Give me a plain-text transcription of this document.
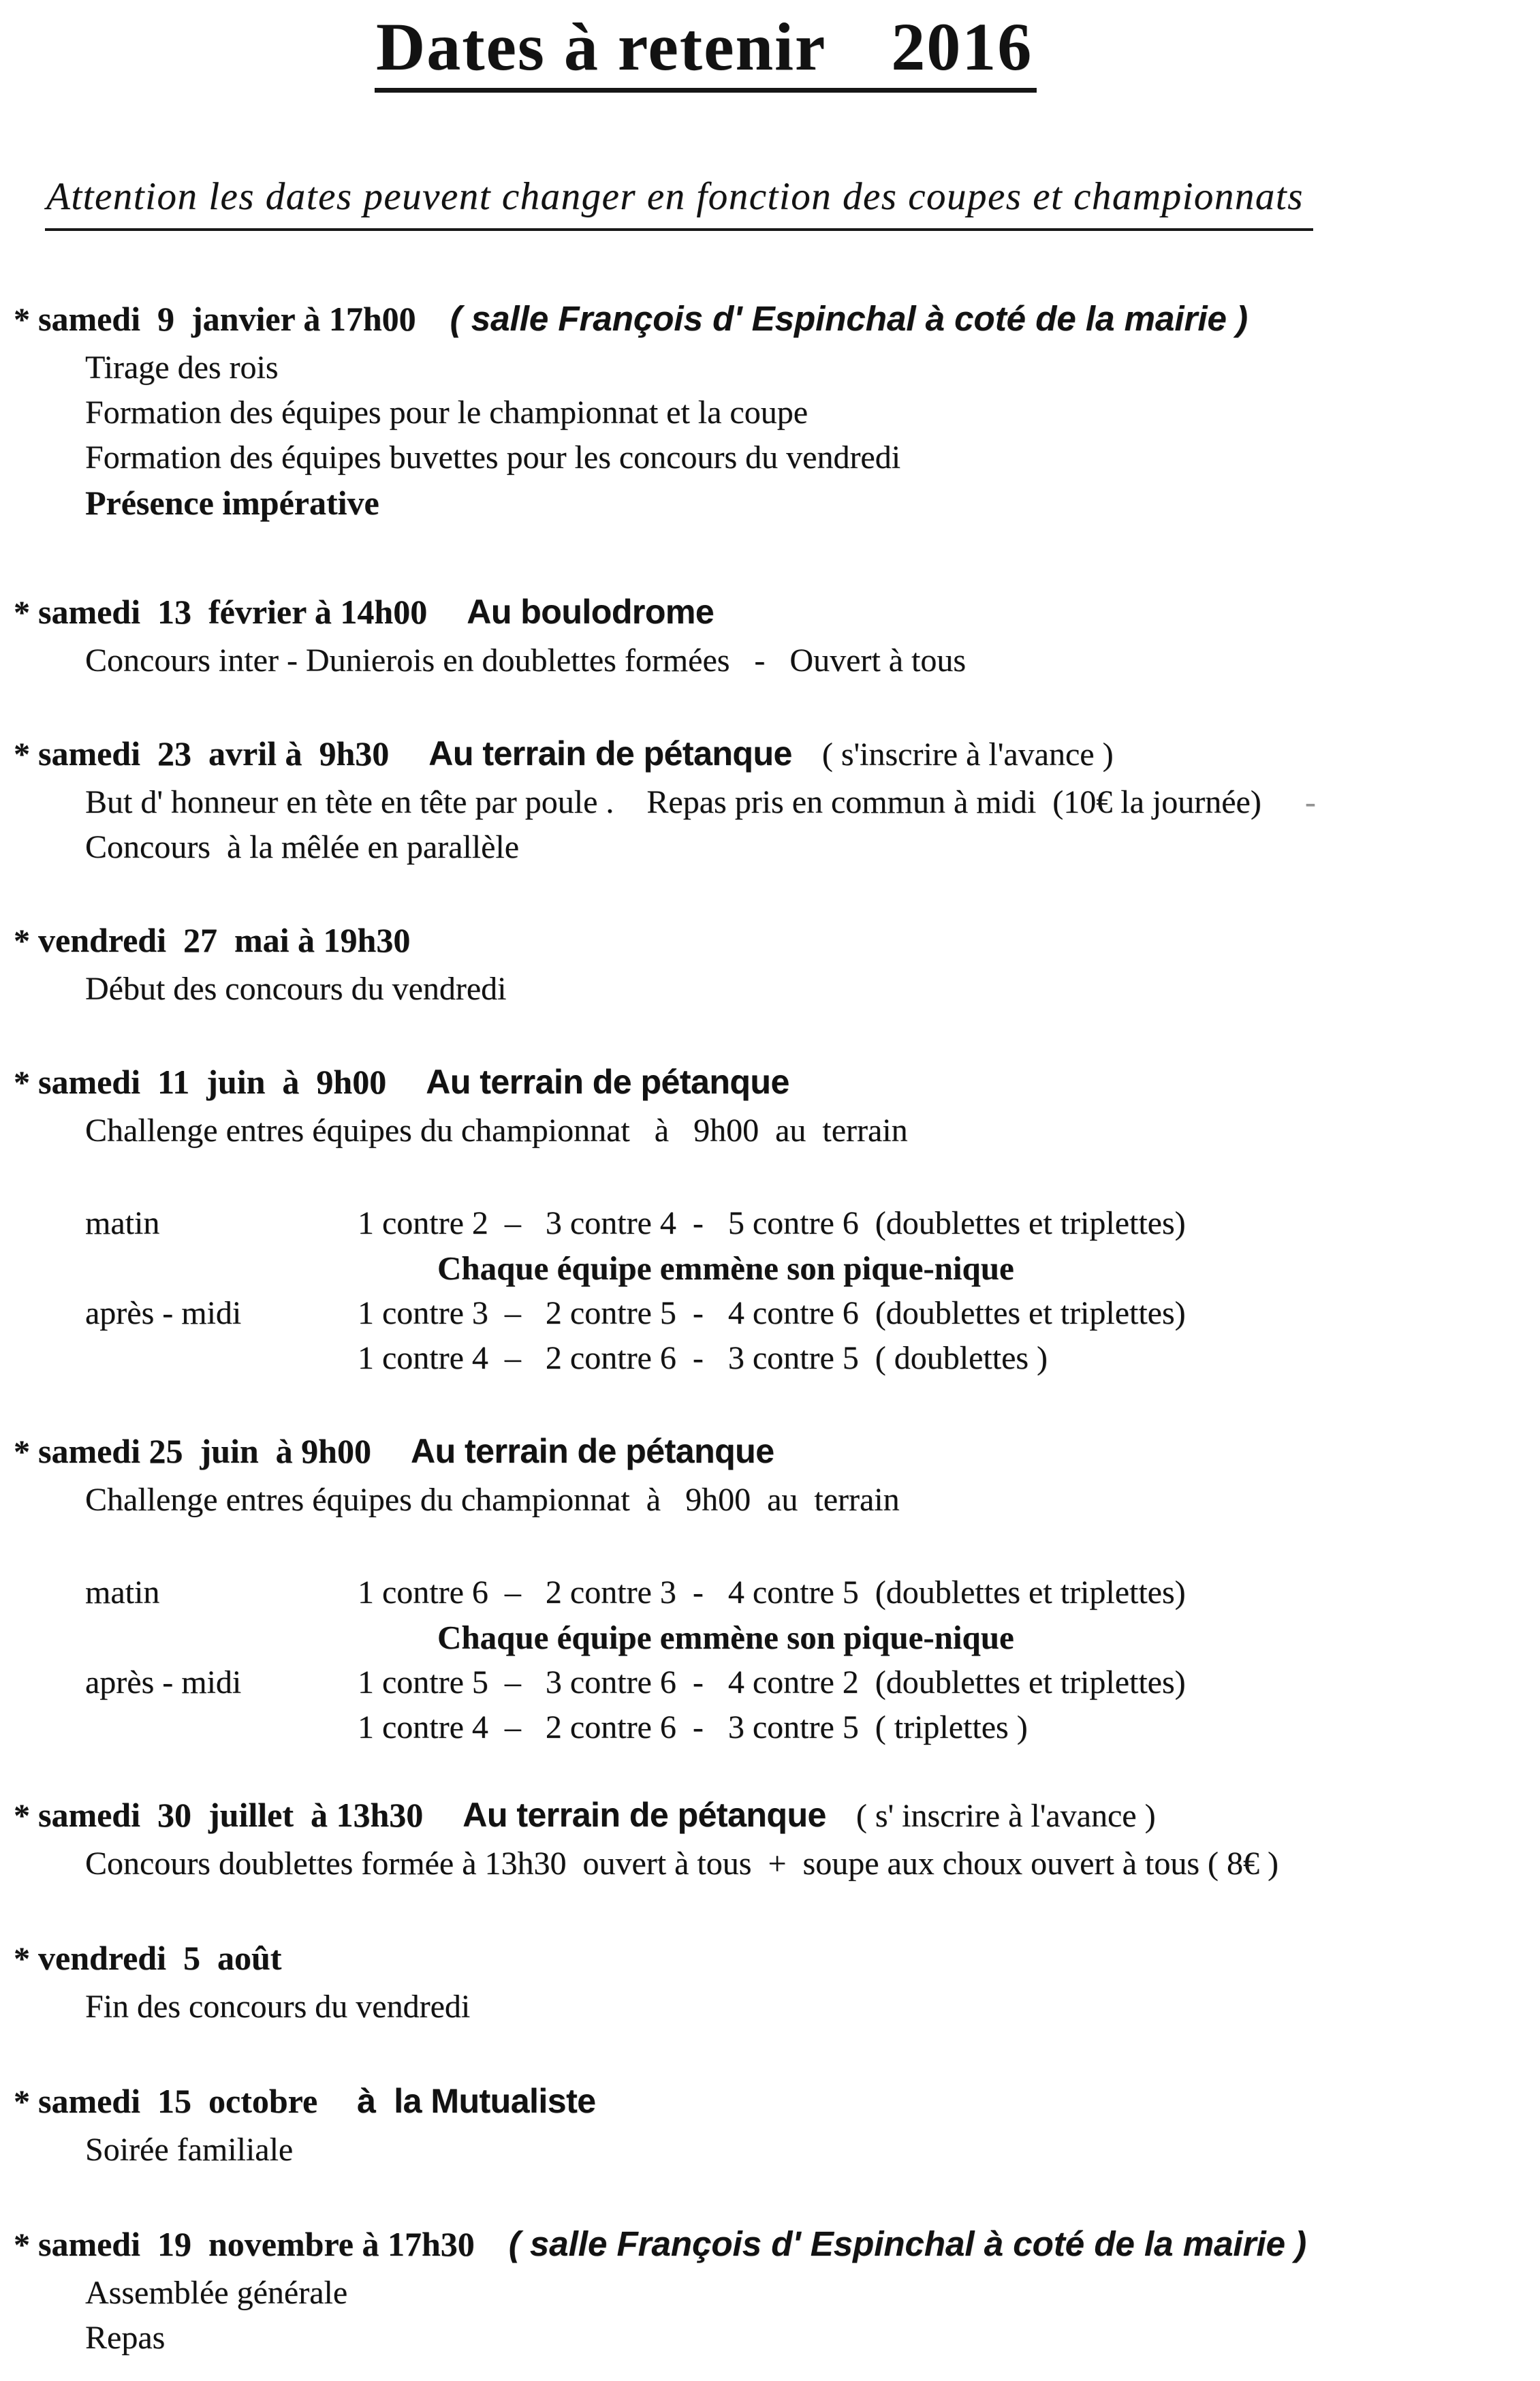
Dates à retenir 2016
Attention les dates peuvent changer en fonction des coupes et championnats
* samedi  9  janvier à 17h00 ( salle François d' Espinchal à coté de la mairie )
Tirage des rois
Formation des équipes pour le championnat et la coupe
Formation des équipes buvettes pour les concours du vendredi
Présence impérative
* samedi  13  février à 14h00 Au boulodrome
Concours inter - Dunierois en doublettes formées   -   Ouvert à tous
* samedi  23  avril à  9h30 Au terrain de pétanque ( s'inscrire à l'avance )
But d' honneur en tète en tête par poule .    Repas pris en commun à midi  (10€ la journée) -
Concours  à la mêlée en parallèle
* vendredi  27  mai à 19h30
Début des concours du vendredi
* samedi  11  juin  à  9h00 Au terrain de pétanque
Challenge entres équipes du championnat   à   9h00  au  terrain
matin	1 contre 2  –   3 contre 4  -   5 contre 6  (doublettes et triplettes)
Chaque équipe emmène son pique-nique
après - midi	1 contre 3  –   2 contre 5  -   4 contre 6  (doublettes et triplettes)
1 contre 4  –   2 contre 6  -   3 contre 5  ( doublettes )
* samedi 25  juin  à 9h00 Au terrain de pétanque
Challenge entres équipes du championnat  à   9h00  au  terrain
matin	1 contre 6  –   2 contre 3  -   4 contre 5  (doublettes et triplettes)
Chaque équipe emmène son pique-nique
après - midi	1 contre 5  –   3 contre 6  -   4 contre 2  (doublettes et triplettes)
1 contre 4  –   2 contre 6  -   3 contre 5  ( triplettes )
* samedi  30  juillet  à 13h30 Au terrain de pétanque ( s' inscrire à l'avance )
Concours doublettes formée à 13h30  ouvert à tous  +  soupe aux choux ouvert à tous ( 8€ )
* vendredi  5  août
Fin des concours du vendredi
* samedi  15  octobre à  la Mutualiste
Soirée familiale
* samedi  19  novembre à 17h30 ( salle François d' Espinchal à coté de la mairie )
Assemblée générale
Repas
